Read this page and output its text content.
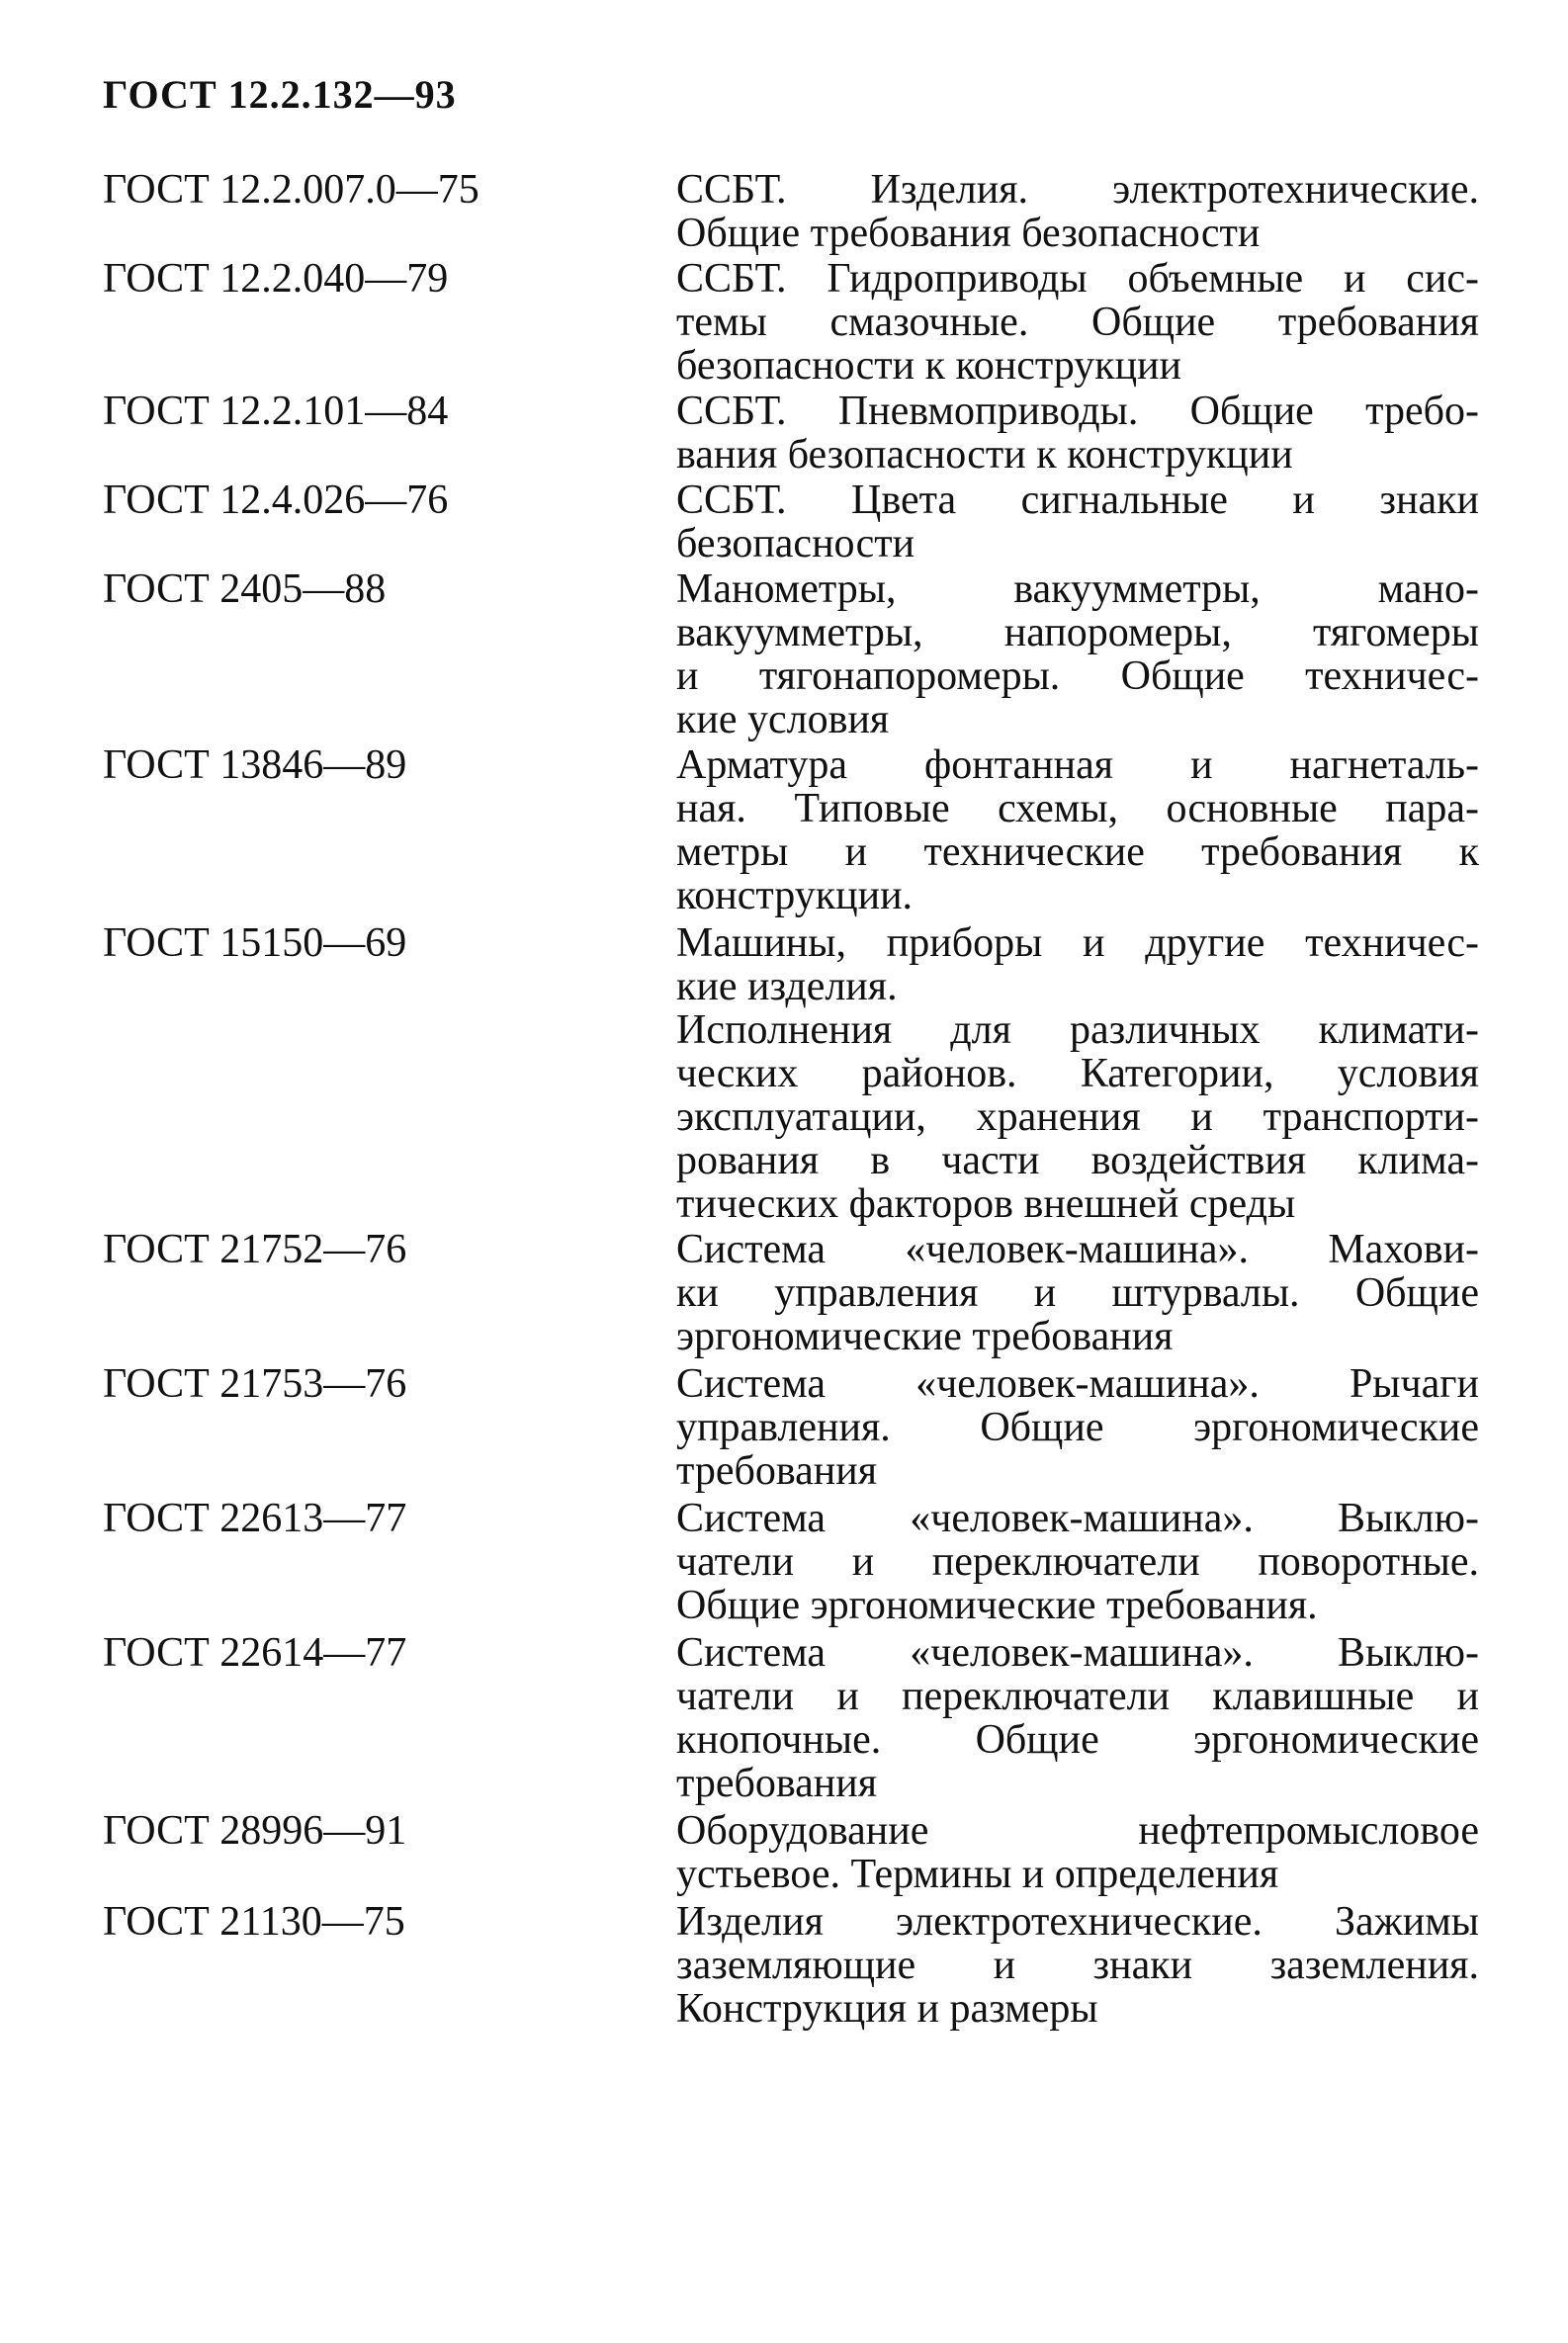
ГОСТ 12.2.132—93
ГОСТ 12.2.007.0—75	ССБТ. Изделия. электротехнические.
Общие требования безопасности
ГОСТ 12.2.040—79	ССБТ. Гидроприводы объемные и сис-
темы смазочные. Общие требования
безопасности к конструкции
ГОСТ 12.2.101—84	ССБТ. Пневмоприводы. Общие требо-
вания безопасности к конструкции
ГОСТ 12.4.026—76	ССБТ. Цвета сигнальные и знаки
безопасности
ГОСТ 2405—88	Манометры, вакуумметры, мано-
вакуумметры, напоромеры, тягомеры
и тягонапоромеры. Общие техничес-
кие условия
ГОСТ 13846—89	Арматура фонтанная и нагнеталь-
ная. Типовые схемы, основные пара-
метры и технические требования к
конструкции.
ГОСТ 15150—69	Машины, приборы и другие техничес-
кие изделия.
Исполнения для различных климати-
ческих районов. Категории, условия
эксплуатации, хранения и транспорти-
рования в части воздействия клима-
тических факторов внешней среды
ГОСТ 21752—76	Система «человек-машина». Махови-
ки управления и штурвалы. Общие
эргономические требования
ГОСТ 21753—76	Система «человек-машина». Рычаги
управления. Общие эргономические
требования
ГОСТ 22613—77	Система «человек-машина». Выклю-
чатели и переключатели поворотные.
Общие эргономические требования.
ГОСТ 22614—77	Система «человек-машина». Выклю-
чатели и переключатели клавишные и
кнопочные. Общие эргономические
требования
ГОСТ 28996—91	Оборудование нефтепромысловое
устьевое. Термины и определения
ГОСТ 21130—75	Изделия электротехнические. Зажимы
заземляющие и знаки заземления.
Конструкция и размеры
